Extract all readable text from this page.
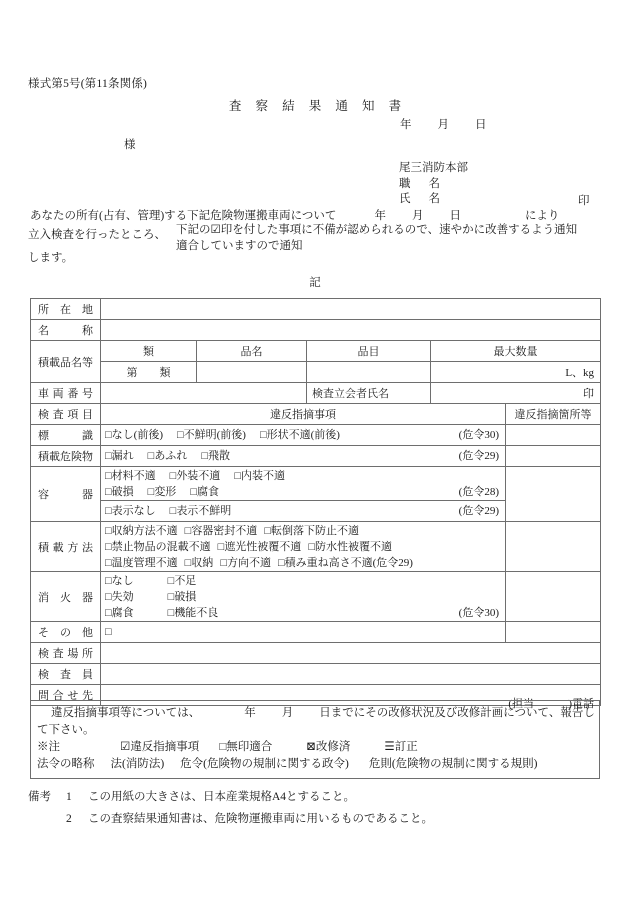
様式第5号(第11条関係)
査 察 結 果 通 知 書
年 月 日
様
尾三消防本部
職 名
氏 名	印
あなたの所有(占有、管理)する下記危険物運搬車両について	年 月 日	により
立入検査を行ったところ、 下記の☑印を付した事項に不備が認められるので、速やかに改善するよう通知
適合していますので通知
します。
記
所在地					
名称					
積載品名等	類	品名	品目	最大数量	
	第　　類			L、kg	
車両番号			検査立会者氏名	印	
検査項目	違反指摘事項				違反指摘箇所等
標識	□なし(前後) □不鮮明(前後) □形状不適(前後) (危令30)				

積載危険物	□漏れ □あふれ □飛散 (危令29)				

容器	□材料不適 □外装不適 □内装不適
□破損 □変形 □腐食 (危令28)				

	□表示なし □表示不鮮明 (危令29)				

積載方法	□収納方法不適 □容器密封不適 □転倒落下防止不適
□禁止物品の混載不適 □遮光性被覆不適 □防水性被覆不適
□温度管理不適 □収納 □方向不適 □積み重ね高さ不適(危令29)				

消火器	□なし □不足
□失効 □破損
□腐食 □機能不良 (危令30)				

その他	□				

検査場所					
検査員					
問合せ先	(担当 )電話				
違反指摘事項等については、	年 月 日までにその改修状況及び改修計画について、報告し
て下さい。
※注	☑違反指摘事項 □無印適合	⊠改修済	☰訂正
法令の略称 法(消防法) 危令(危険物の規制に関する政令) 危則(危険物の規制に関する規則)
備考 1 この用紙の大きさは、日本産業規格A4とすること。
2 この査察結果通知書は、危険物運搬車両に用いるものであること。
